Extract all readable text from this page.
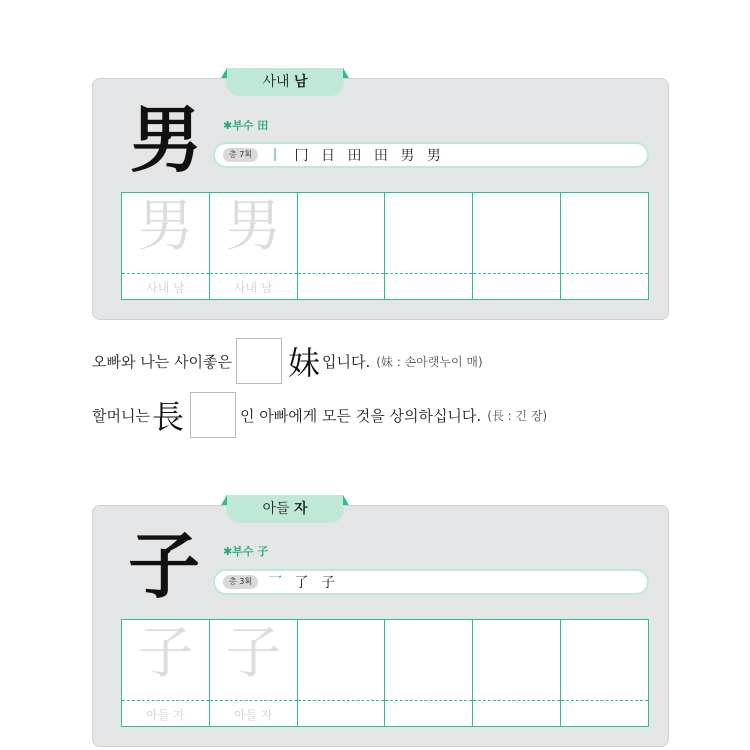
사내 남
男 ✱부수 田
총 7획	丨 冂 日 田 田 男 男
男
사내 남
男
사내 남
오빠와 나는 사이좋은 妹 입니다. (妹 : 손아랫누이 매)
할머니는 長	인 아빠에게 모든 것을 상의하십니다. (長 : 긴 장)
아들 자
子 ✱부수 子
총 3획	乛 了 子
子
아들 자
子
아들 자
